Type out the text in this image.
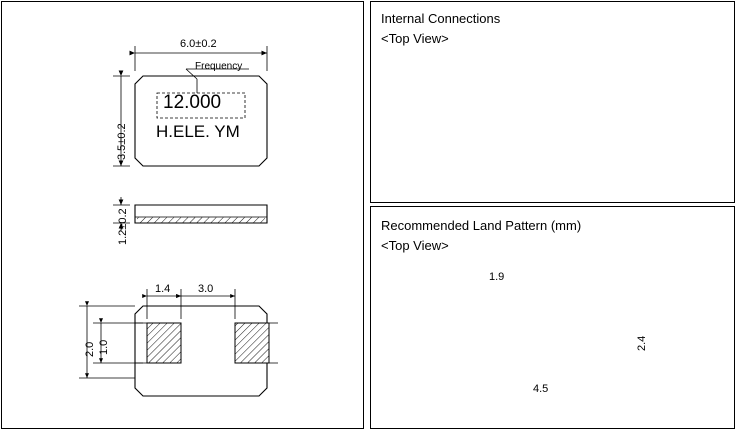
6.0±0.2
3.5±0.2
Frequency
12.000
H.ELE. YM
1.2±0.2
1.4	3.0
2.0 1.0
Internal Connections
<Top View>
Recommended Land Pattern (mm)
<Top View>
1.9
2.4
4.5
